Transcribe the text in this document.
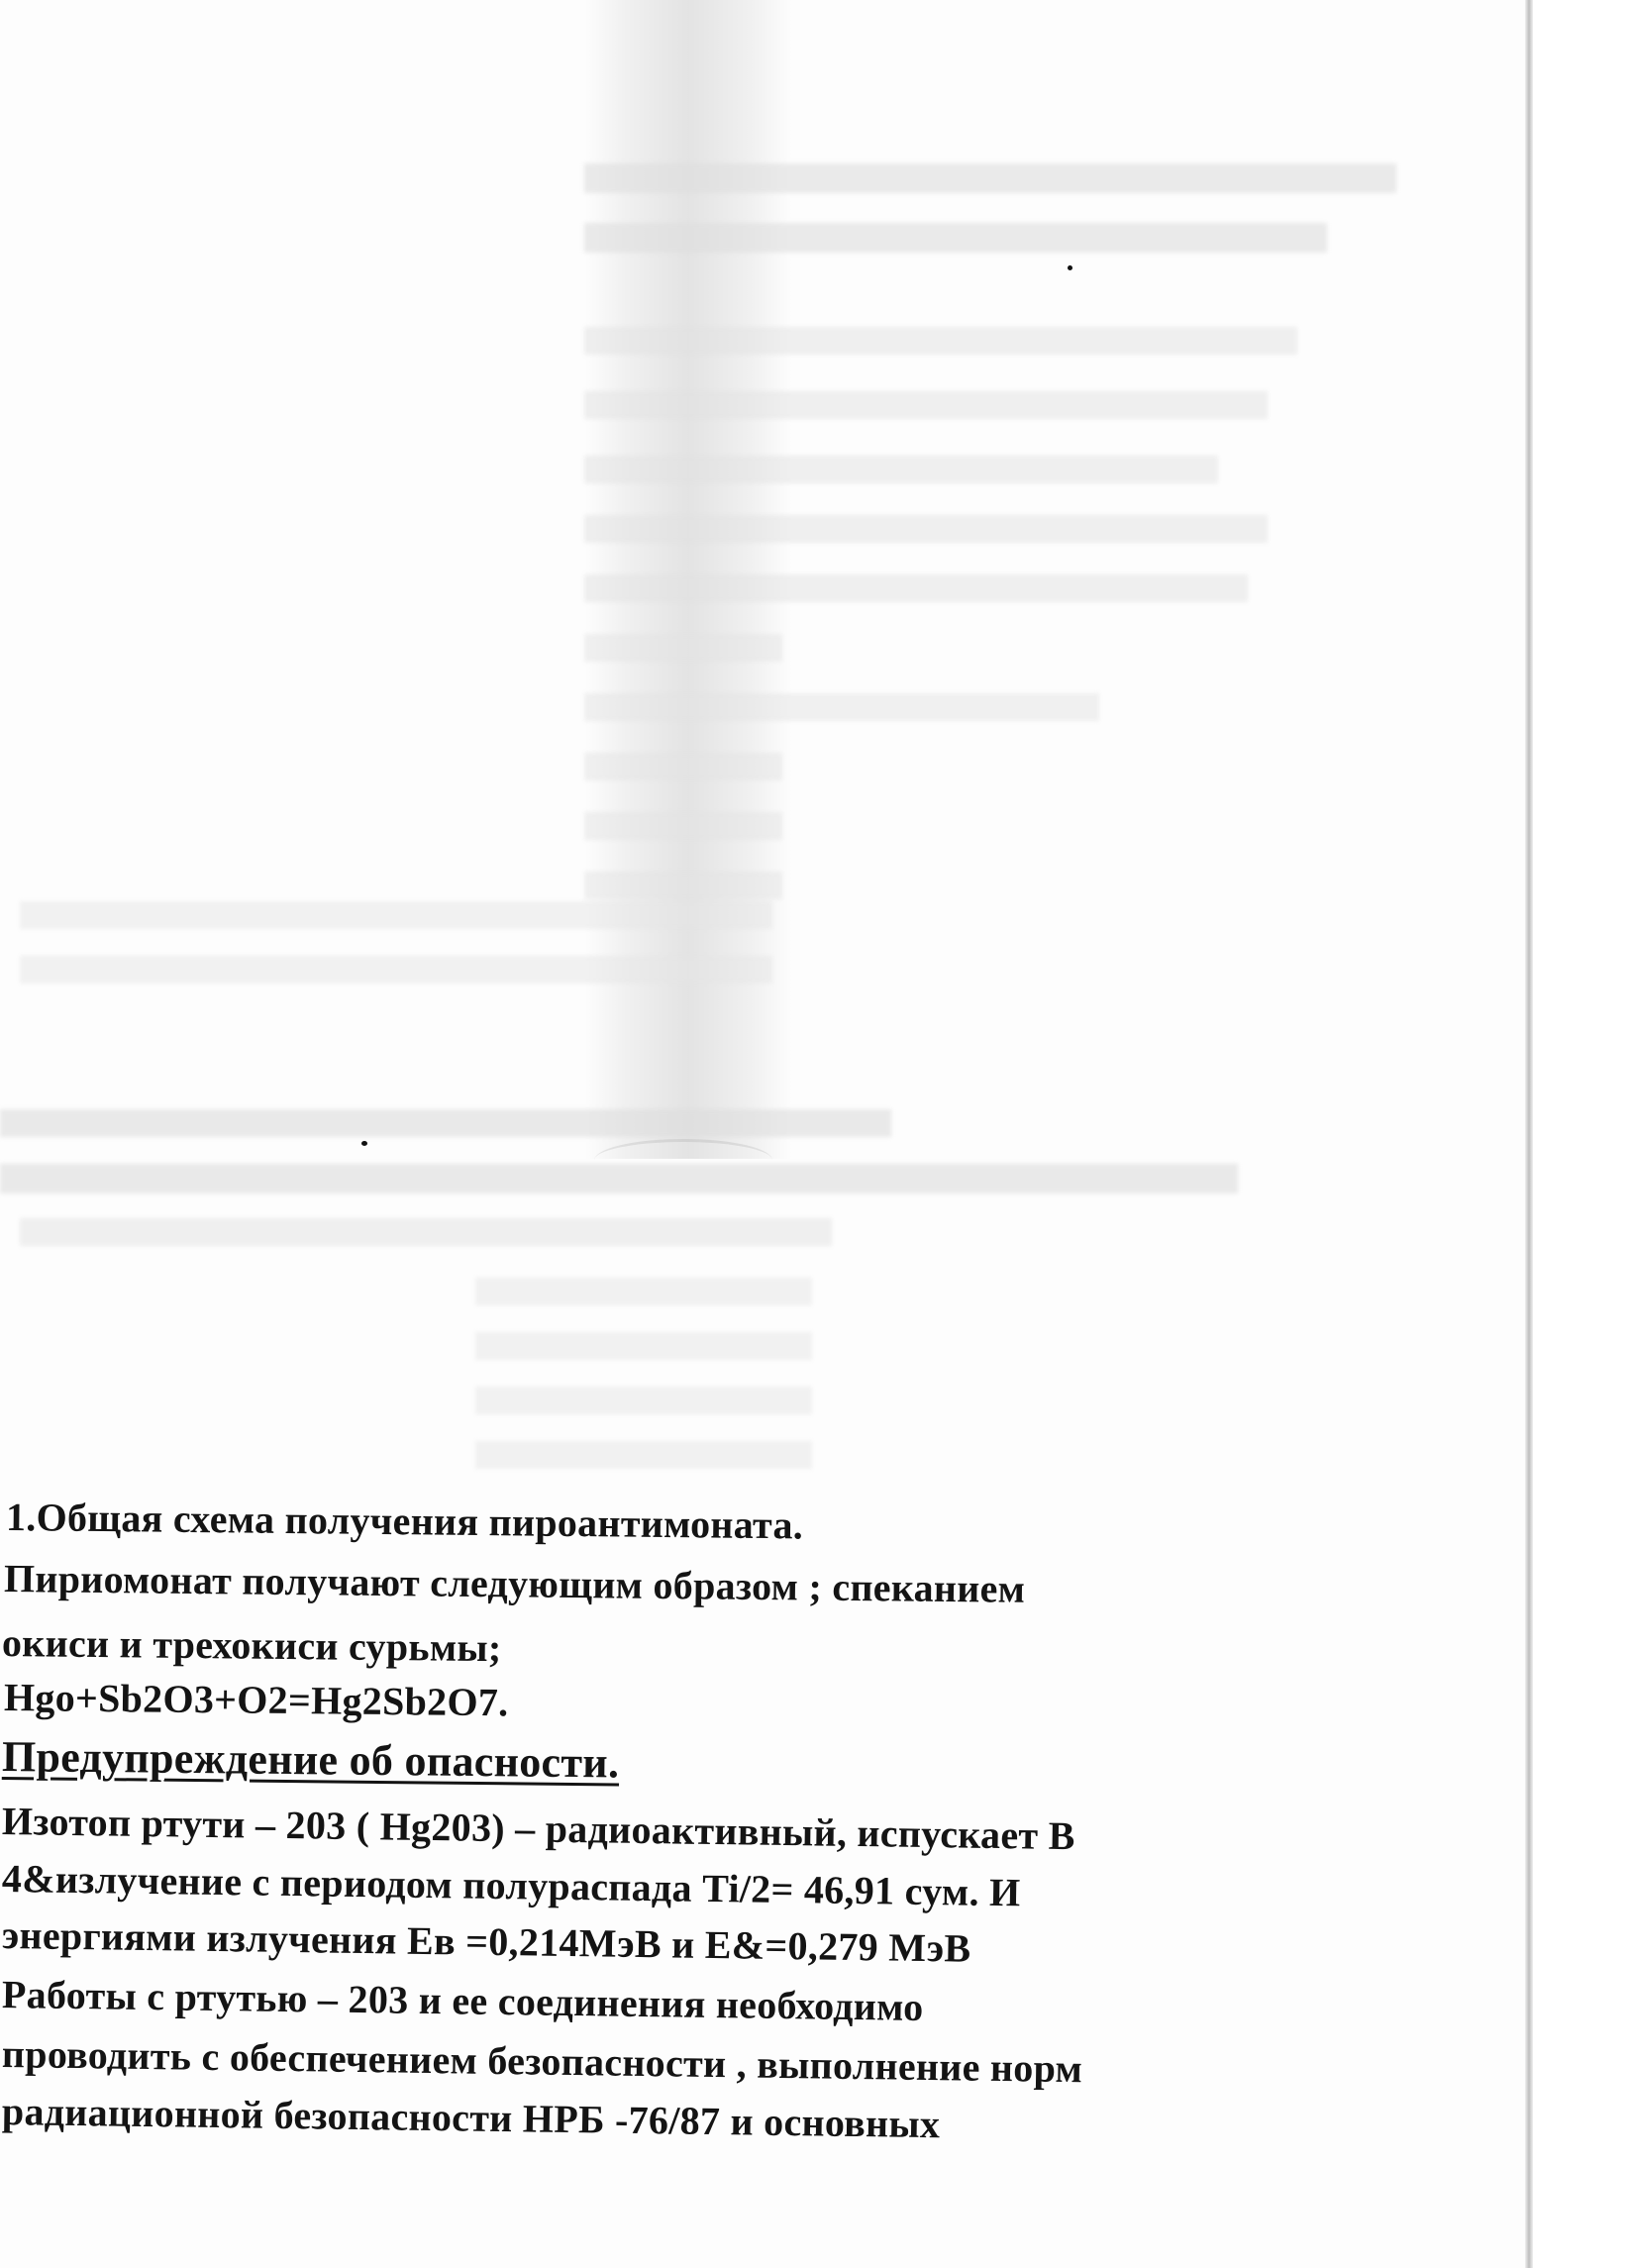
1.Общая схема получения пироантимоната.
Пириомонат получают следующим образом ; спеканием
окиси и трехокиси сурьмы;
Hgo+Sb2O3+O2=Hg2Sb2O7.
Предупреждение об опасности.
Изотоп ртути – 203 ( Hg203) – радиоактивный, испускает В
4&излучение с периодом полураспада Ti/2= 46,91 сум. И
энергиями излучения Ев =0,214МэВ и Е&=0,279 МэВ
Работы с ртутью – 203 и ее соединения необходимо
проводить с обеспечением безопасности , выполнение норм
радиационной безопасности НРБ -76/87 и основных
